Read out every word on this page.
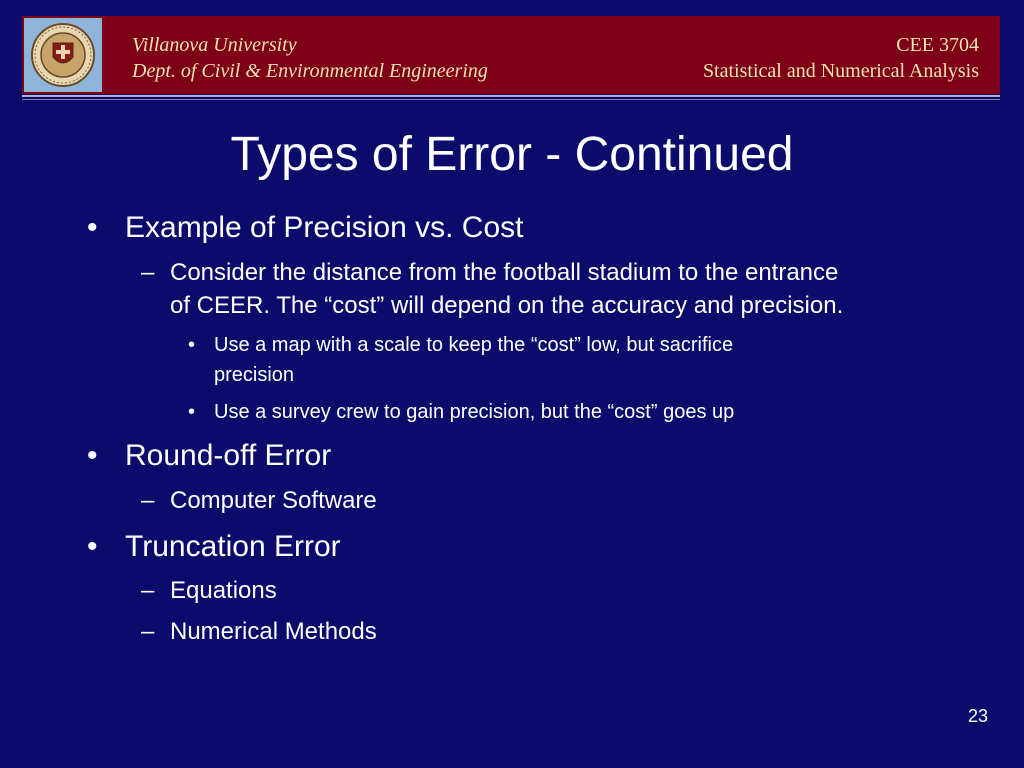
Villanova University
Dept. of Civil & Environmental Engineering
CEE 3704
Statistical and Numerical Analysis
Types of Error - Continued
• Example of Precision vs. Cost
– Consider the distance from the football stadium to the entrance
of CEER. The “cost” will depend on the accuracy and precision.
• Use a map with a scale to keep the “cost” low, but sacrifice
precision
• Use a survey crew to gain precision, but the “cost” goes up
• Round-off Error
– Computer Software
• Truncation Error
– Equations
– Numerical Methods
23
